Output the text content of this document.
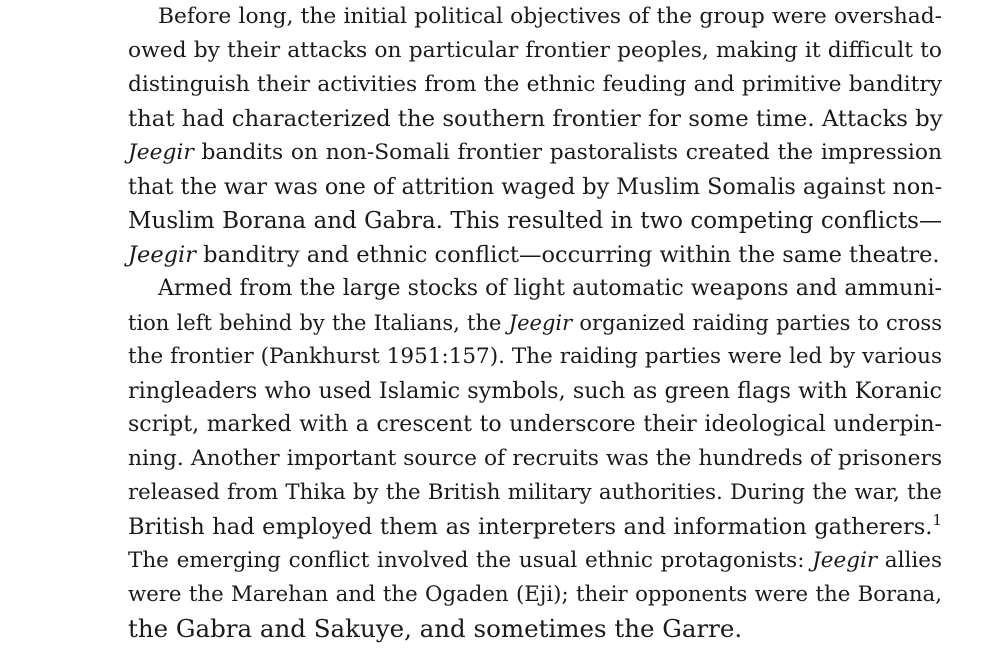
Before long, the initial political objectives of the group were overshad-
owed by their attacks on particular frontier peoples, making it difficult to
distinguish their activities from the ethnic feuding and primitive banditry
that had characterized the southern frontier for some time. Attacks by
Jeegir bandits on non-Somali frontier pastoralists created the impression
that the war was one of attrition waged by Muslim Somalis against non-
Muslim Borana and Gabra. This resulted in two competing conflicts—
Jeegir banditry and ethnic conflict—occurring within the same theatre.
Armed from the large stocks of light automatic weapons and ammuni-
tion left behind by the Italians, the Jeegir organized raiding parties to cross
the frontier (Pankhurst 1951:157). The raiding parties were led by various
ringleaders who used Islamic symbols, such as green flags with Koranic
script, marked with a crescent to underscore their ideological underpin-
ning. Another important source of recruits was the hundreds of prisoners
released from Thika by the British military authorities. During the war, the
British had employed them as interpreters and information gatherers.$^1$
The emerging conflict involved the usual ethnic protagonists: Jeegir allies
were the Marehan and the Ogaden (Eji); their opponents were the Borana,
the Gabra and Sakuye, and sometimes the Garre.
